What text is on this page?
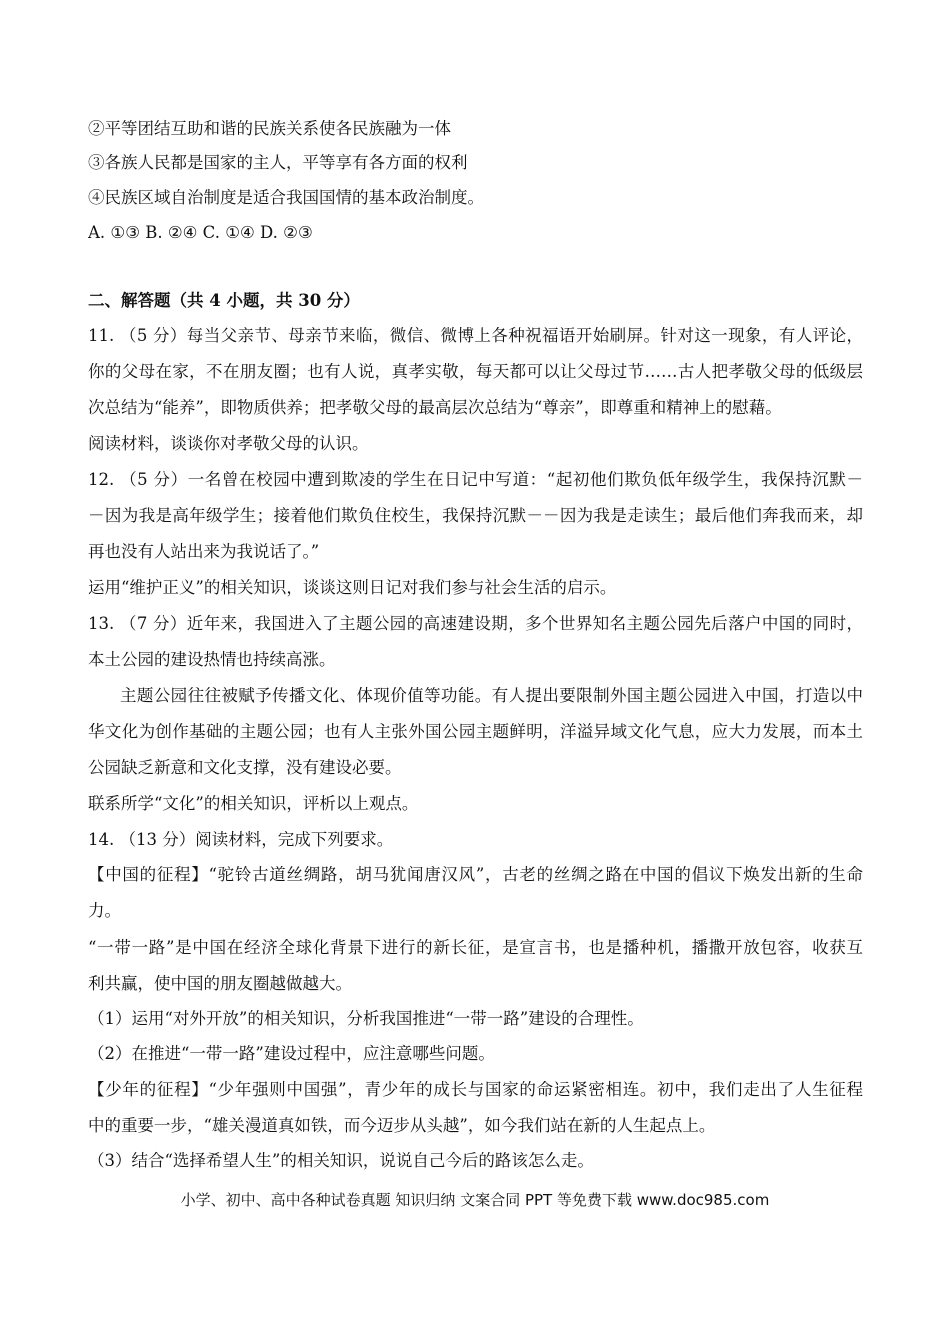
②平等团结互助和谐的民族关系使各民族融为一体
③各族人民都是国家的主人，平等享有各方面的权利
④民族区域自治制度是适合我国国情的基本政治制度。
A. ①③ B. ②④ C. ①④ D. ②③
二、解答题（共 4 小题，共 30 分）
11. （5 分）每当父亲节、母亲节来临，微信、微博上各种祝福语开始刷屏。针对这一现象，有人评论，
你的父母在家，不在朋友圈；也有人说，真孝实敬，每天都可以让父母过节……古人把孝敬父母的低级层
次总结为“能养”，即物质供养；把孝敬父母的最高层次总结为“尊亲”，即尊重和精神上的慰藉。
阅读材料，谈谈你对孝敬父母的认识。
12. （5 分）一名曾在校园中遭到欺凌的学生在日记中写道：“起初他们欺负低年级学生，我保持沉默－
－因为我是高年级学生；接着他们欺负住校生，我保持沉默－－因为我是走读生；最后他们奔我而来，却
再也没有人站出来为我说话了。”
运用“维护正义”的相关知识，谈谈这则日记对我们参与社会生活的启示。
13. （7 分）近年来，我国进入了主题公园的高速建设期，多个世界知名主题公园先后落户中国的同时，
本土公园的建设热情也持续高涨。
主题公园往往被赋予传播文化、体现价值等功能。有人提出要限制外国主题公园进入中国，打造以中
华文化为创作基础的主题公园；也有人主张外国公园主题鲜明，洋溢异域文化气息，应大力发展，而本土
公园缺乏新意和文化支撑，没有建设必要。
联系所学“文化”的相关知识，评析以上观点。
14. （13 分）阅读材料，完成下列要求。
【中国的征程】“驼铃古道丝绸路，胡马犹闻唐汉风”，古老的丝绸之路在中国的倡议下焕发出新的生命
力。
“一带一路”是中国在经济全球化背景下进行的新长征，是宣言书，也是播种机，播撒开放包容，收获互
利共赢，使中国的朋友圈越做越大。
（1）运用“对外开放”的相关知识，分析我国推进“一带一路”建设的合理性。
（2）在推进“一带一路”建设过程中，应注意哪些问题。
【少年的征程】“少年强则中国强”，青少年的成长与国家的命运紧密相连。初中，我们走出了人生征程
中的重要一步，“雄关漫道真如铁，而今迈步从头越”，如今我们站在新的人生起点上。
（3）结合“选择希望人生”的相关知识，说说自己今后的路该怎么走。
小学、初中、高中各种试卷真题 知识归纳 文案合同 PPT 等免费下载 www.doc985.com
